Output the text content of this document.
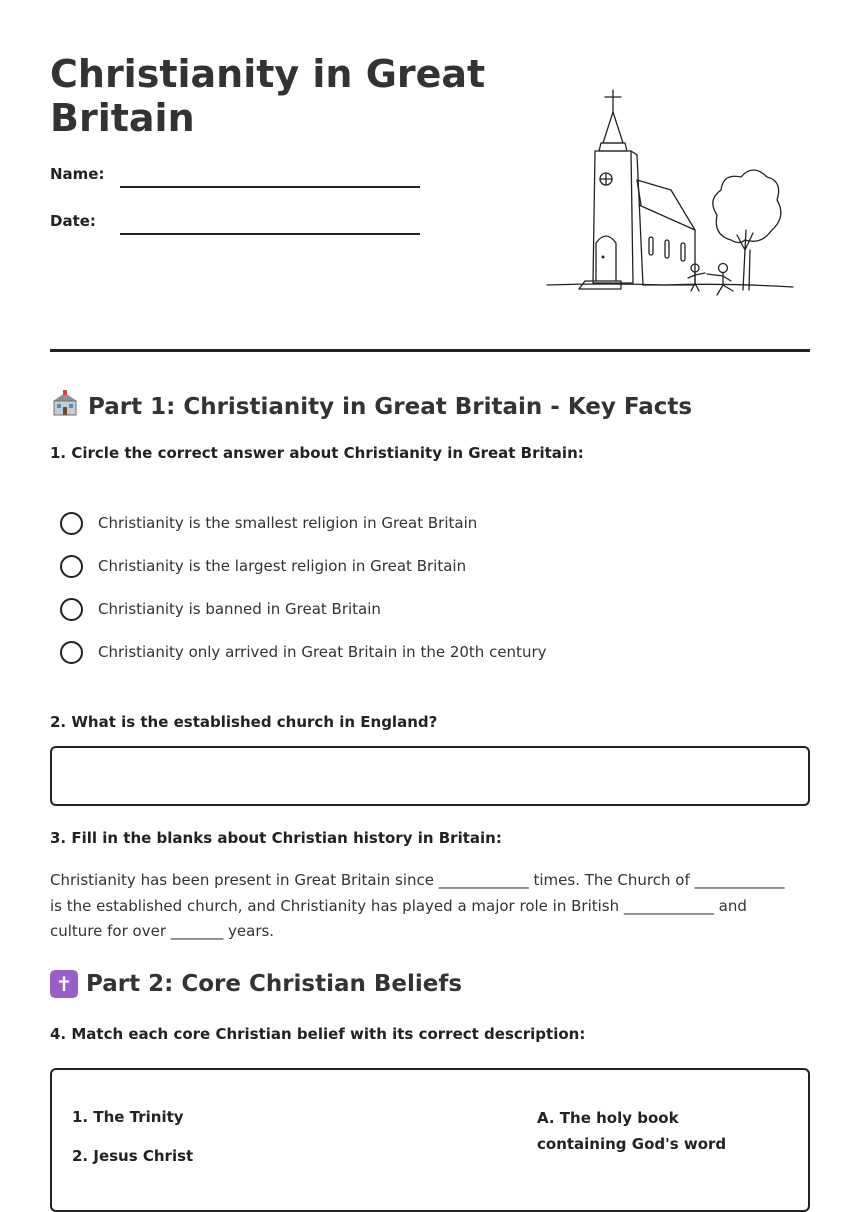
Christianity in Great Britain
Name:
Date:
Part 1: Christianity in Great Britain - Key Facts

1. Circle the correct answer about Christianity in Great Britain:

Christianity is the smallest religion in Great Britain
Christianity is the largest religion in Great Britain
Christianity is banned in Great Britain
Christianity only arrived in Great Britain in the 20th century

2. What is the established church in England?

3. Fill in the blanks about Christian history in Britain:

Christianity has been present in Great Britain since ____________ times. The Church of ____________ is the established church, and Christianity has played a major role in British ____________ and culture for over _______ years.

✝ Part 2: Core Christian Beliefs

4. Match each core Christian belief with its correct description:

1. The Trinity
2. Jesus Christ
A. The holy book containing God's word
